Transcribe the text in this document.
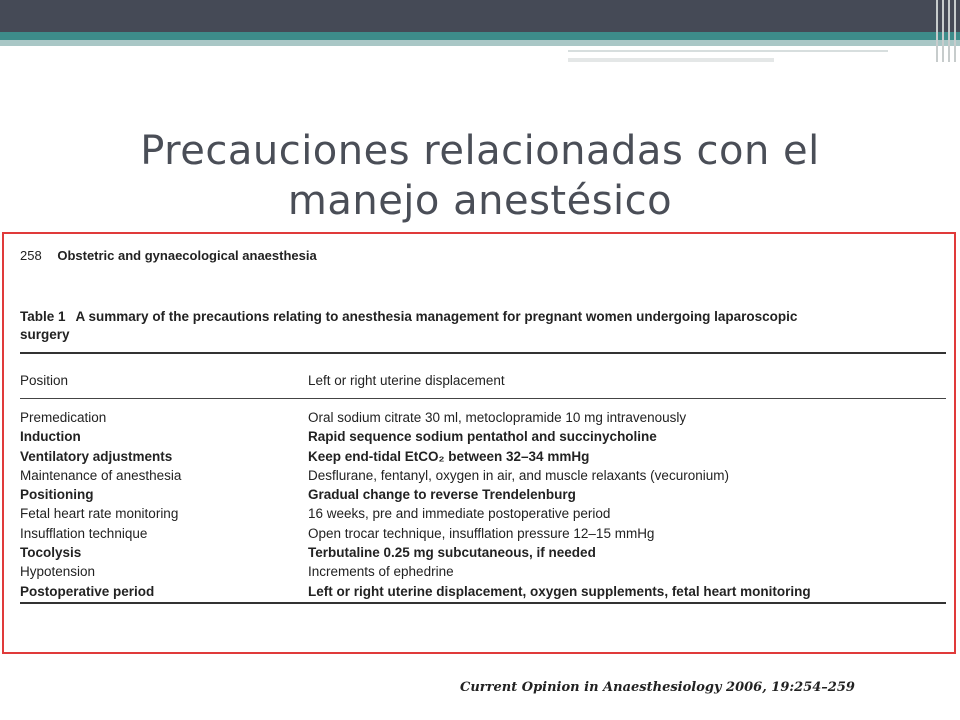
Precauciones relacionadas con el
manejo anestésico
258 Obstetric and gynaecological anaesthesia
Table 1 A summary of the precautions relating to anesthesia management for pregnant women undergoing laparoscopic
surgery
Position	Left or right uterine displacement
Premedication	Oral sodium citrate 30 ml, metoclopramide 10 mg intravenously
Induction	Rapid sequence sodium pentathol and succinycholine
Ventilatory adjustments	Keep end-tidal EtCO₂ between 32–34 mmHg
Maintenance of anesthesia	Desflurane, fentanyl, oxygen in air, and muscle relaxants (vecuronium)
Positioning	Gradual change to reverse Trendelenburg
Fetal heart rate monitoring	16 weeks, pre and immediate postoperative period
Insufflation technique	Open trocar technique, insufflation pressure 12–15 mmHg
Tocolysis	Terbutaline 0.25 mg subcutaneous, if needed
Hypotension	Increments of ephedrine
Postoperative period	Left or right uterine displacement, oxygen supplements, fetal heart monitoring
Current Opinion in Anaesthesiology 2006, 19:254–259
